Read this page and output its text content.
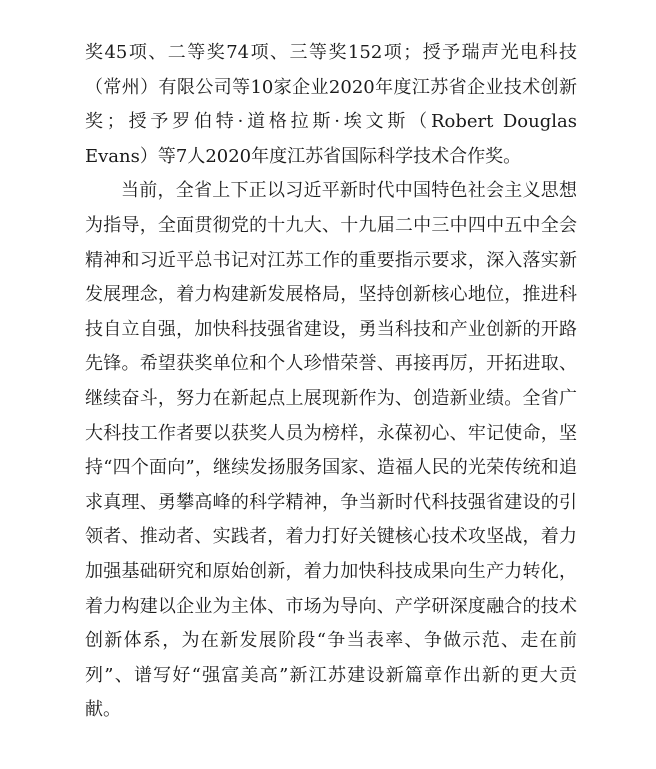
奖45项、二等奖74项、三等奖152项；授予瑞声光电科技（常州）有限公司等10家企业2020年度江苏省企业技术创新奖；授予罗伯特·道格拉斯·埃文斯（Robert Douglas Evans）等7人2020年度江苏省国际科学技术合作奖。

当前，全省上下正以习近平新时代中国特色社会主义思想为指导，全面贯彻党的十九大、十九届二中三中四中五中全会精神和习近平总书记对江苏工作的重要指示要求，深入落实新发展理念，着力构建新发展格局，坚持创新核心地位，推进科技自立自强，加快科技强省建设，勇当科技和产业创新的开路先锋。希望获奖单位和个人珍惜荣誉、再接再厉，开拓进取、继续奋斗，努力在新起点上展现新作为、创造新业绩。全省广大科技工作者要以获奖人员为榜样，永葆初心、牢记使命，坚持“四个面向”，继续发扬服务国家、造福人民的光荣传统和追求真理、勇攀高峰的科学精神，争当新时代科技强省建设的引领者、推动者、实践者，着力打好关键核心技术攻坚战，着力加强基础研究和原始创新，着力加快科技成果向生产力转化，着力构建以企业为主体、市场为导向、产学研深度融合的技术创新体系，为在新发展阶段“争当表率、争做示范、走在前列”、谱写好“强富美高”新江苏建设新篇章作出新的更大贡献。
